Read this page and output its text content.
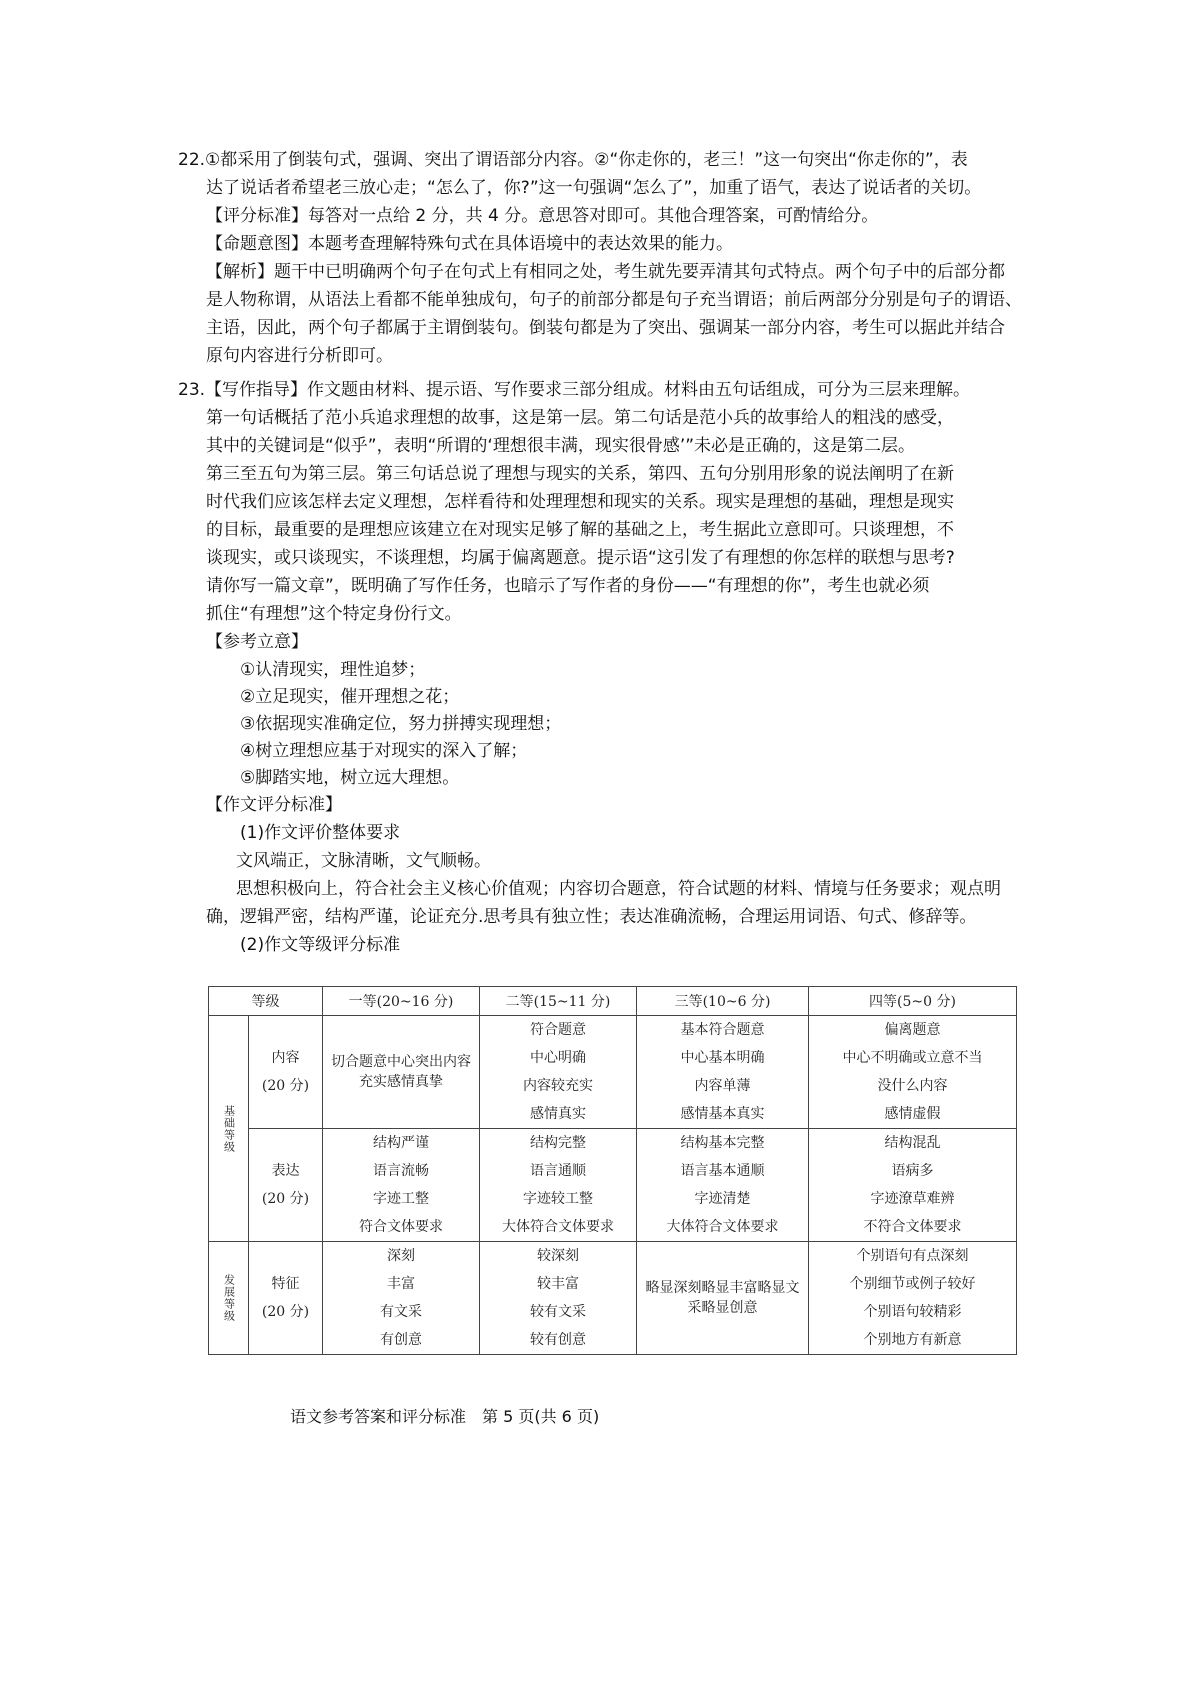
22.①都采用了倒装句式，强调、突出了谓语部分内容。②“你走你的，老三！”这一句突出“你走你的”，表
达了说话者希望老三放心走；“怎么了，你?”这一句强调“怎么了”，加重了语气，表达了说话者的关切。
【评分标准】每答对一点给 2 分，共 4 分。意思答对即可。其他合理答案，可酌情给分。
【命题意图】本题考查理解特殊句式在具体语境中的表达效果的能力。
【解析】题干中已明确两个句子在句式上有相同之处，考生就先要弄清其句式特点。两个句子中的后部分都
是人物称谓，从语法上看都不能单独成句，句子的前部分都是句子充当谓语；前后两部分分别是句子的谓语、
主语，因此，两个句子都属于主谓倒装句。倒装句都是为了突出、强调某一部分内容，考生可以据此并结合
原句内容进行分析即可。
23.【写作指导】作文题由材料、提示语、写作要求三部分组成。材料由五句话组成，可分为三层来理解。
第一句话概括了范小兵追求理想的故事，这是第一层。第二句话是范小兵的故事给人的粗浅的感受，
其中的关键词是“似乎”，表明“所谓的‘理想很丰满，现实很骨感’”未必是正确的，这是第二层。
第三至五句为第三层。第三句话总说了理想与现实的关系，第四、五句分别用形象的说法阐明了在新
时代我们应该怎样去定义理想，怎样看待和处理理想和现实的关系。现实是理想的基础，理想是现实
的目标，最重要的是理想应该建立在对现实足够了解的基础之上，考生据此立意即可。只谈理想，不
谈现实，或只谈现实，不谈理想，均属于偏离题意。提示语“这引发了有理想的你怎样的联想与思考?
请你写一篇文章”，既明确了写作任务，也暗示了写作者的身份——“有理想的你”，考生也就必须
抓住“有理想”这个特定身份行文。
【参考立意】
①认清现实，理性追梦；
②立足现实，催开理想之花；
③依据现实准确定位，努力拼搏实现理想；
④树立理想应基于对现实的深入了解；
⑤脚踏实地，树立远大理想。
【作文评分标准】
(1)作文评价整体要求
文风端正，文脉清晰，文气顺畅。
思想积极向上，符合社会主义核心价值观；内容切合题意，符合试题的材料、情境与任务要求；观点明
确，逻辑严密，结构严谨，论证充分.思考具有独立性；表达准确流畅，合理运用词语、句式、修辞等。
(2)作文等级评分标准
等级		一等(20~16 分)	二等(15~11 分)	三等(10~6 分)	四等(5~0 分)

基础等级	内容
(20 分)	切合题意中心突出内容充实感情真挚	符合题意
中心明确
内容较充实
感情真实	基本符合题意
中心基本明确
内容单薄
感情基本真实	偏离题意
中心不明确或立意不当
没什么内容
感情虚假

	表达
(20 分)	结构严谨
语言流畅
字迹工整
符合文体要求	结构完整
语言通顺
字迹较工整
大体符合文体要求	结构基本完整
语言基本通顺
字迹清楚
大体符合文体要求	结构混乱
语病多
字迹潦草难辨
不符合文体要求

发展等级	特征
(20 分)	深刻
丰富
有文采
有创意	较深刻
较丰富
较有文采
较有创意	略显深刻略显丰富略显文采略显创意	个别语句有点深刻
个别细节或例子较好
个别语句较精彩
个别地方有新意
语文参考答案和评分标准　第 5 页(共 6 页)
